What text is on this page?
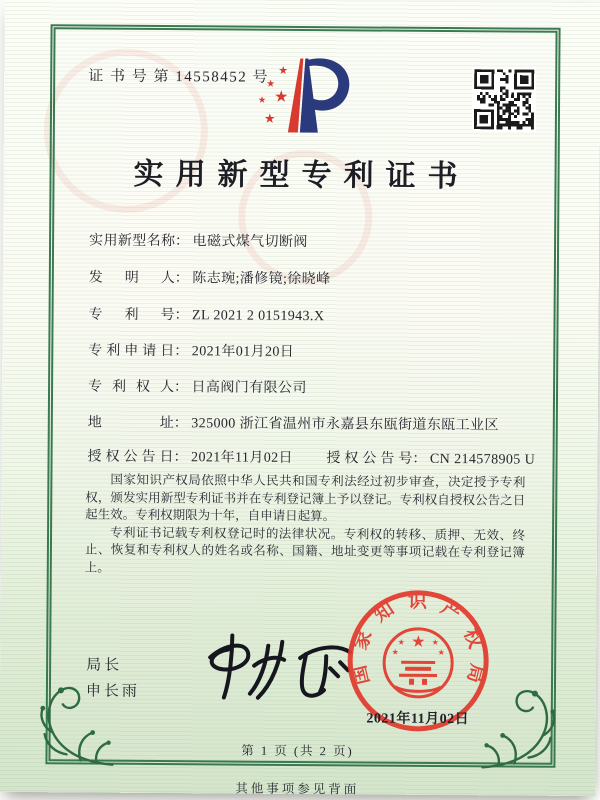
证 书 号 第 14558452 号 ★
★
★ ★
★
实用新型专利证书
实用新型名称： 电磁式煤气切断阀
发明人： 陈志琬;潘修镜;徐晓峰
专利号： ZL 2021 2 0151943.X
专利申请日： 2021年01月20日
专利权人： 日高阀门有限公司
地址： 325000 浙江省温州市永嘉县东瓯街道东瓯工业区
授权公告日： 2021年11月02日 授权公告号： CN 214578905 U

国家知识产权局依照中华人民共和国专利法经过初步审查，决定授予专利权，颁发实用新型专利证书并在专利登记簿上予以登记。专利权自授权公告之日起生效。专利权期限为十年，自申请日起算。

专利证书记载专利权登记时的法律状况。专利权的转移、质押、无效、终止、恢复和专利权人的姓名或名称、国籍、地址变更等事项记载在专利登记簿上。

局长
申长雨
国家知识产权局
★
★	★
★	★
2021年11月02日
第 1 页 (共 2 页)
其他事项参见背面
